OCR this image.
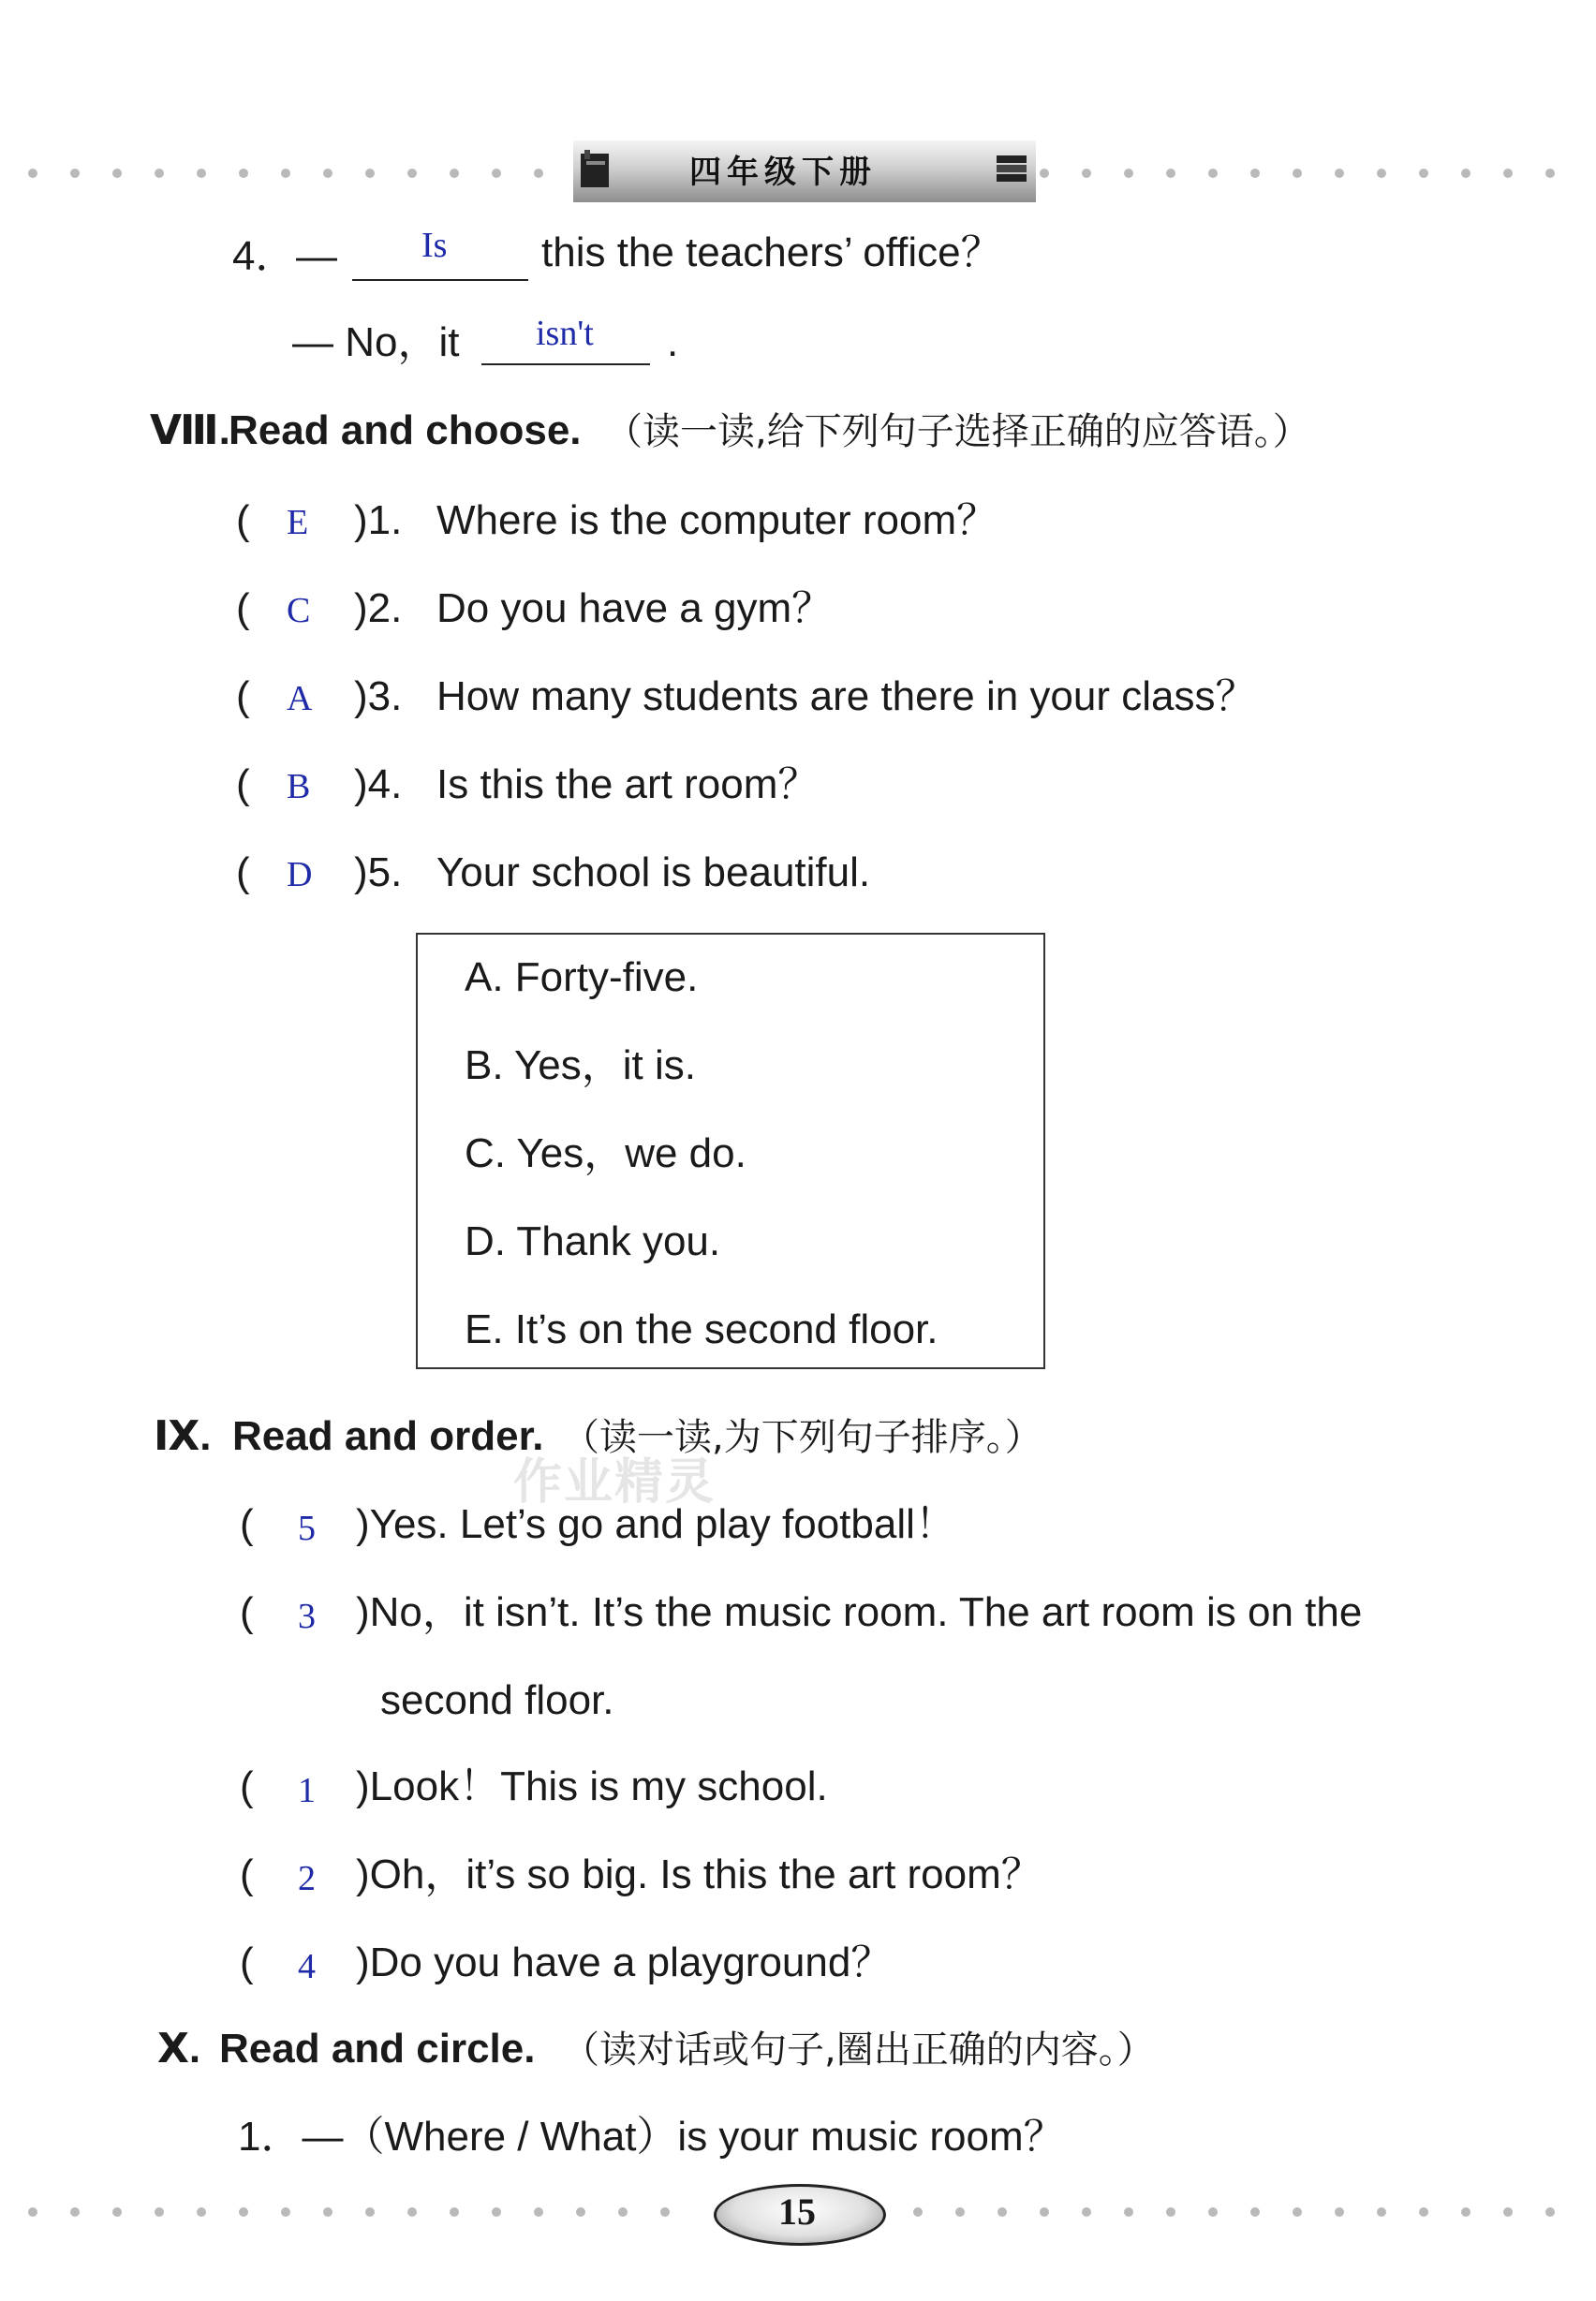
四年级下册
4． — Is this the teachers’ office？
— No，it isn't .
Ⅷ.
Read and choose. （读一读,给下列句子选择正确的应答语。）
( E )1. Where is the computer room？
( C )2. Do you have a gym？
( A )3. How many students are there in your class？
( B )4. Is this the art room？
( D )5. Your school is beautiful.
A. Forty-five.
B. Yes，it is.
C. Yes，we do.
D. Thank you.
E. It’s on the second floor.
Ⅸ. Read and order. （读一读,为下列句子排序。）
作业精灵
( 5 )Yes. Let’s go and play football！
( 3 )No，it isn’t. It’s the music room. The art room is on the
( 1 )Look！This is my school.
( 2 )Oh，it’s so big. Is this the art room？
( 4 )Do you have a playground？
second floor.
Ⅹ. Read and circle. （读对话或句子,圈出正确的内容。）
1．—（Where / What）is your music room？
15
